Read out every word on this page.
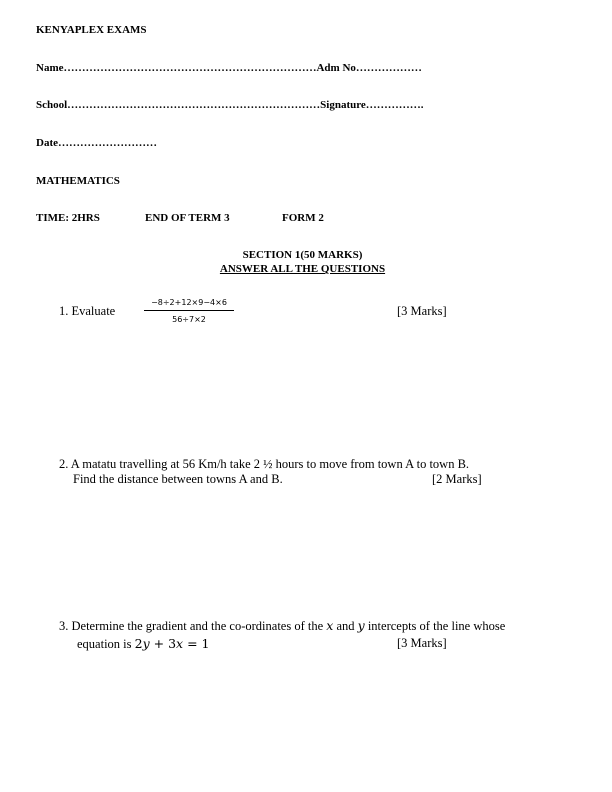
KENYAPLEX EXAMS
Name……………………………………………………………Adm No………………
School……………………………………………………………Signature…………….
Date………………………
MATHEMATICS
TIME: 2HRS	END OF TERM 3	FORM 2
SECTION 1(50 MARKS)
ANSWER ALL THE QUESTIONS
1. Evaluate	$\frac{-8\div 2+12\times 9-4\times 6}{56\div 7\times 2}$	[3 Marks]
2. A matatu travelling at 56 Km/h take 2 ½ hours to move from town A to town B.
Find the distance between towns A and B.	[2 Marks]
3. Determine the gradient and the co-ordinates of the x and y intercepts of the line whose
equation is 2y + 3x = 1	[3 Marks]
